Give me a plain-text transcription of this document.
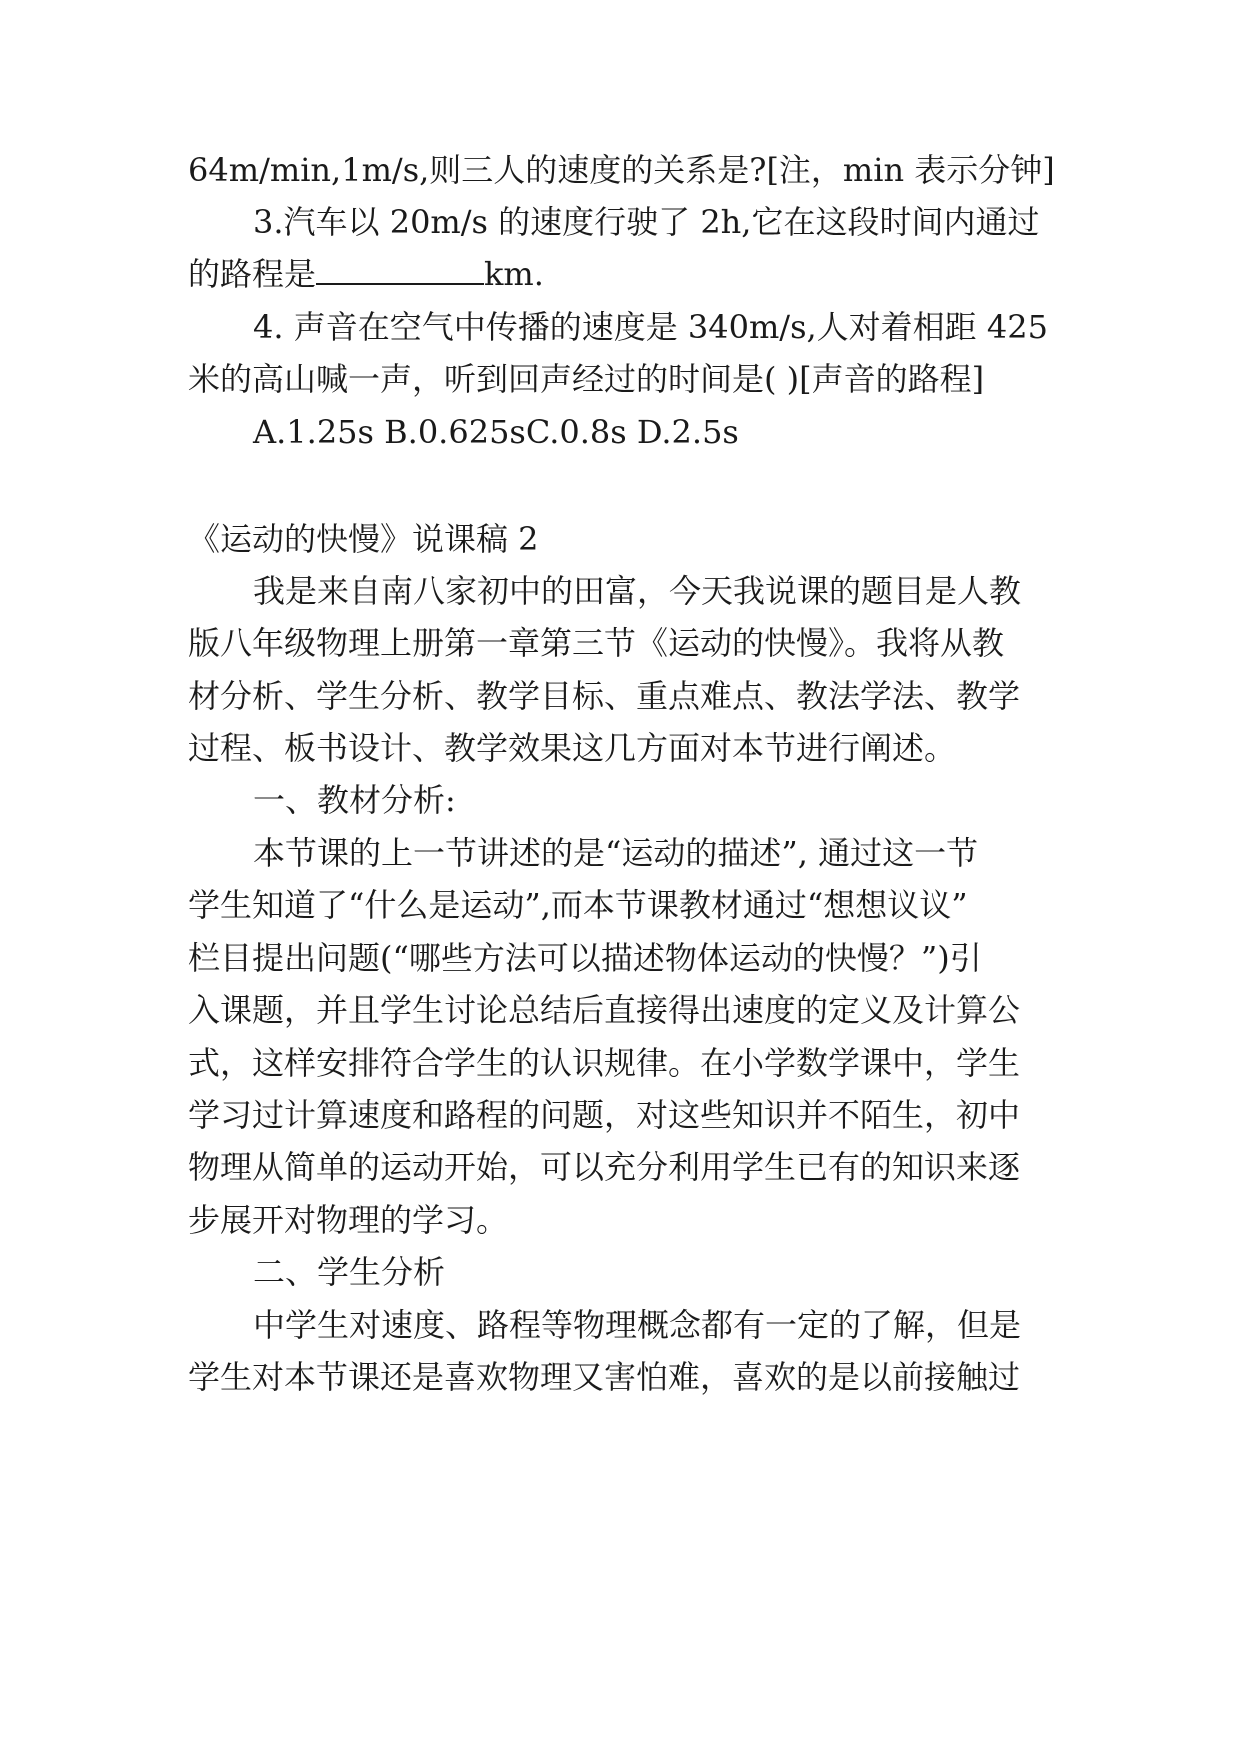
64m/min,1m/s,则三人的速度的关系是?[注，min 表示分钟]
3.汽车以 20m/s 的速度行驶了 2h,它在这段时间内通过
的路程是	km.
4. 声音在空气中传播的速度是 340m/s,人对着相距 425
米的高山喊一声，听到回声经过的时间是( )[声音的路程]
A.1.25s B.0.625sC.0.8s D.2.5s
《运动的快慢》说课稿 2
我是来自南八家初中的田富，今天我说课的题目是人教
版八年级物理上册第一章第三节《运动的快慢》。我将从教
材分析、学生分析、教学目标、重点难点、教法学法、教学
过程、板书设计、教学效果这几方面对本节进行阐述。
一、教材分析:
本节课的上一节讲述的是“运动的描述”, 通过这一节
学生知道了“什么是运动”,而本节课教材通过“想想议议”
栏目提出问题(“哪些方法可以描述物体运动的快慢？”)引
入课题，并且学生讨论总结后直接得出速度的定义及计算公
式，这样安排符合学生的认识规律。在小学数学课中，学生
学习过计算速度和路程的问题，对这些知识并不陌生，初中
物理从简单的运动开始，可以充分利用学生已有的知识来逐
步展开对物理的学习。
二、学生分析
中学生对速度、路程等物理概念都有一定的了解，但是
学生对本节课还是喜欢物理又害怕难，喜欢的是以前接触过
